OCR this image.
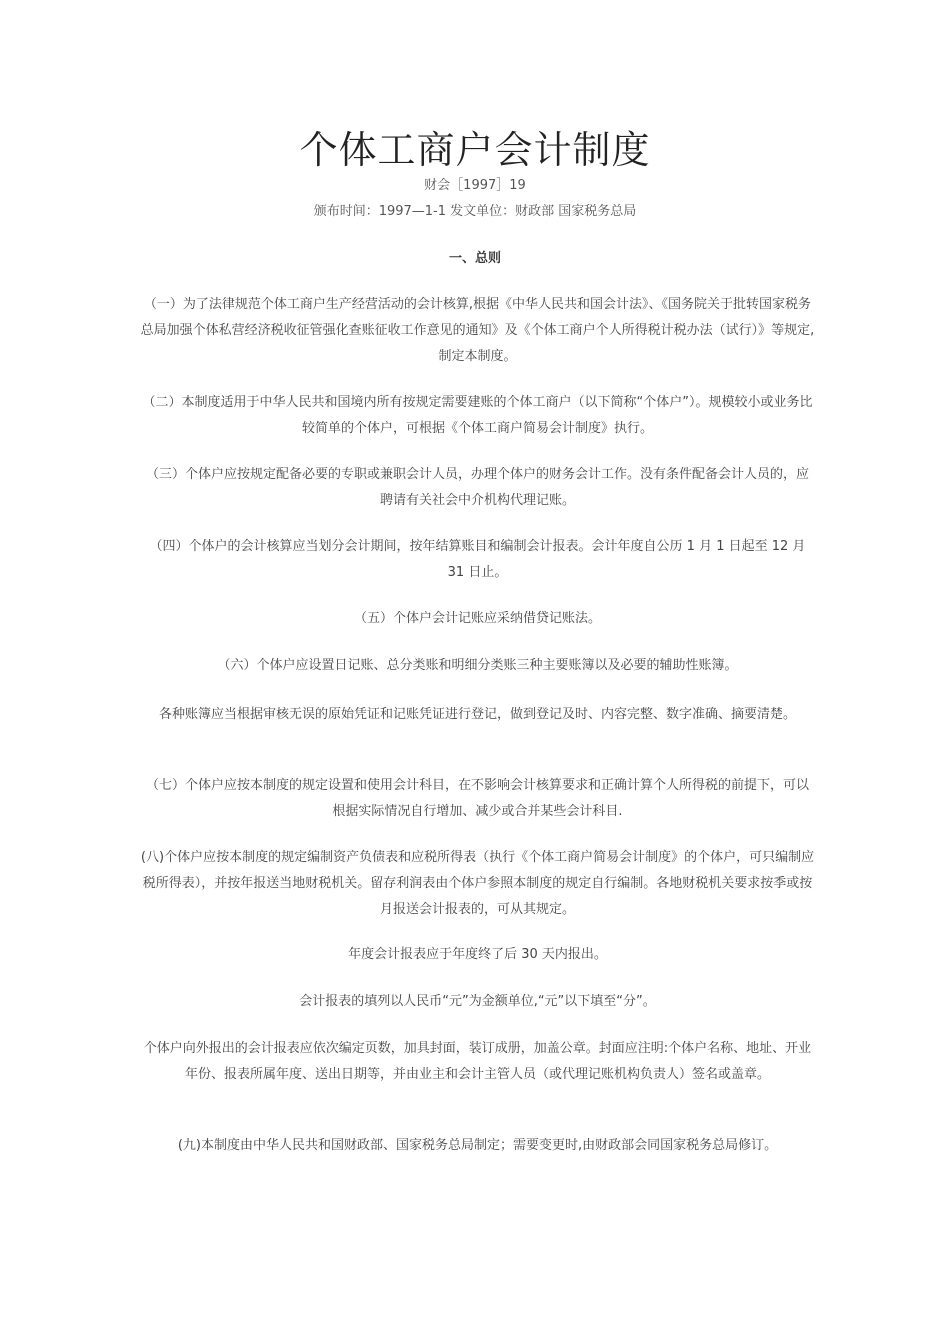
个体工商户会计制度
财会［1997］19
颁布时间：1997—1-1 发文单位：财政部 国家税务总局
一、总则

（一）为了法律规范个体工商户生产经营活动的会计核算,根据《中华人民共和国会计法》、《国务院关于批转国家税务总局加强个体私营经济税收征管强化查账征收工作意见的通知》及《个体工商户个人所得税计税办法（试行）》等规定,制定本制度。

（二）本制度适用于中华人民共和国境内所有按规定需要建账的个体工商户（以下简称“个体户”）。规模较小或业务比较简单的个体户，可根据《个体工商户简易会计制度》执行。

（三）个体户应按规定配备必要的专职或兼职会计人员，办理个体户的财务会计工作。没有条件配备会计人员的，应聘请有关社会中介机构代理记账。

（四）个体户的会计核算应当划分会计期间，按年结算账目和编制会计报表。会计年度自公历 1 月 1 日起至 12 月 31 日止。

（五）个体户会计记账应采纳借贷记账法。

（六）个体户应设置日记账、总分类账和明细分类账三种主要账簿以及必要的辅助性账簿。

各种账簿应当根据审核无误的原始凭证和记账凭证进行登记，做到登记及时、内容完整、数字准确、摘要清楚。

（七）个体户应按本制度的规定设置和使用会计科目，在不影响会计核算要求和正确计算个人所得税的前提下，可以根据实际情况自行增加、减少或合并某些会计科目.

(八)个体户应按本制度的规定编制资产负债表和应税所得表（执行《个体工商户简易会计制度》的个体户，可只编制应税所得表），并按年报送当地财税机关。留存利润表由个体户参照本制度的规定自行编制。各地财税机关要求按季或按月报送会计报表的，可从其规定。

年度会计报表应于年度终了后 30 天内报出。

会计报表的填列以人民币“元”为金额单位,“元”以下填至“分”。

个体户向外报出的会计报表应依次编定页数，加具封面，装订成册，加盖公章。封面应注明:个体户名称、地址、开业年份、报表所属年度、送出日期等，并由业主和会计主管人员（或代理记账机构负责人）签名或盖章。

(九)本制度由中华人民共和国财政部、国家税务总局制定；需要变更时,由财政部会同国家税务总局修订。
